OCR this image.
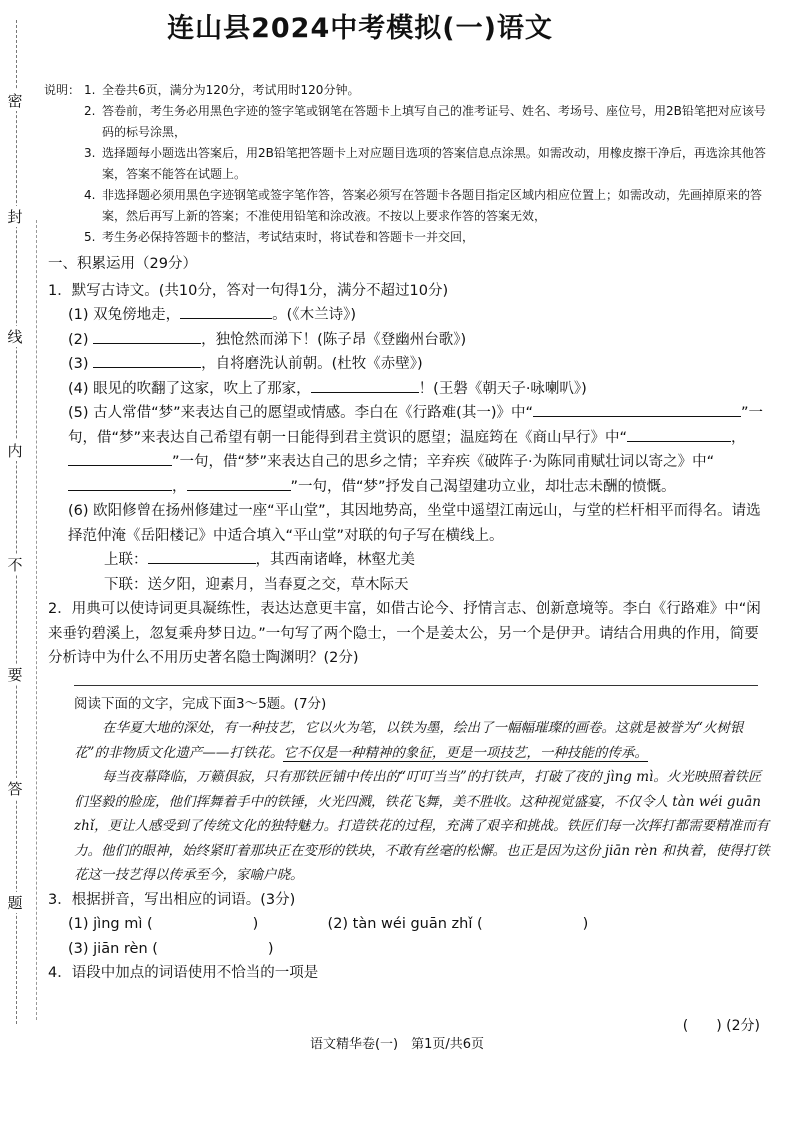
密
封
线
内
不
要
答
题
连山县2024中考模拟(一)语文
说明： 1. 全卷共6页，满分为120分，考试用时120分钟。
2. 答卷前，考生务必用黑色字迹的签字笔或钢笔在答题卡上填写自己的准考证号、姓名、考场号、座位号，用2B铅笔把对应该号码的标号涂黑，
3. 选择题每小题选出答案后，用2B铅笔把答题卡上对应题目选项的答案信息点涂黑。如需改动，用橡皮擦干净后，再选涂其他答案，答案不能答在试题上。
4. 非选择题必须用黑色字迹钢笔或签字笔作答，答案必须写在答题卡各题目指定区域内相应位置上；如需改动，先画掉原来的答案，然后再写上新的答案；不准使用铅笔和涂改液。不按以上要求作答的答案无效，
5. 考生务必保持答题卡的整洁，考试结束时，将试卷和答题卡一并交回，
一、积累运用（29分）
1．默写古诗文。(共10分，答对一句得1分，满分不超过10分)
(1) 双兔傍地走，	。(《木兰诗》)
(2)	，独怆然而涕下！(陈子昂《登幽州台歌》)
(3)	，自将磨洗认前朝。(杜牧《赤壁》)
(4) 眼见的吹翻了这家，吹上了那家，	！(王磐《朝天子·咏喇叭》)
(5) 古人常借“梦”来表达自己的愿望或情感。李白在《行路难(其一)》中“	”一句，借“梦”来表达自己希望有朝一日能得到君主赏识的愿望；温庭筠在《商山早行》中“	，”一句，借“梦”来表达自己的思乡之情；辛弃疾《破阵子·为陈同甫赋壮词以寄之》中“，	”一句，借“梦”抒发自己渴望建功立业，却壮志未酬的愤慨。
(6) 欧阳修曾在扬州修建过一座“平山堂”，其因地势高，坐堂中遥望江南远山，与堂的栏杆相平而得名。请选择范仲淹《岳阳楼记》中适合填入“平山堂”对联的句子写在横线上。
上联：	，其西南诸峰，林壑尤美
下联：送夕阳，迎素月，当春夏之交，草木际天
2．用典可以使诗词更具凝练性，表达达意更丰富，如借古论今、抒情言志、创新意境等。李白《行路难》中“闲来垂钓碧溪上，忽复乘舟梦日边。”一句写了两个隐士，一个是姜太公，另一个是伊尹。请结合用典的作用，简要分析诗中为什么不用历史著名隐士陶渊明？(2分)

阅读下面的文字，完成下面3～5题。(7分)

在华夏大地的深处，有一种技艺，它以火为笔，以铁为墨，绘出了一幅幅璀璨的画卷。这就是被誉为“火树银花”的非物质文化遗产——打铁花。它不仅是一种精神的象征，更是一项技艺，一种技能的传承。

每当夜幕降临，万籁俱寂，只有那铁匠铺中传出的“叮叮当当”的打铁声，打破了夜的 jìng mì。火光映照着铁匠们坚毅的脸庞，他们挥舞着手中的铁锤，火光四溅，铁花飞舞，美不胜收。这种视觉盛宴，不仅令人 tàn wéi guān zhǐ，更让人感受到了传统文化的独特魅力。打造铁花的过程，充满了艰辛和挑战。铁匠们每一次挥打都需要精准而有力。他们的眼神，始终紧盯着那块正在变形的铁块，不敢有丝毫的松懈。也正是因为这份 jiān rèn 和执着，使得打铁花这一技艺得以传承至今，家喻户晓。

3．根据拼音，写出相应的词语。(3分)
(1) jìng mì (	)	(2) tàn wéi guān zhǐ (	)
(3) jiān rèn (	)
4．语段中加点的词语使用不恰当的一项是
(　　) (2分)
语文精华卷(一)　第1页/共6页
